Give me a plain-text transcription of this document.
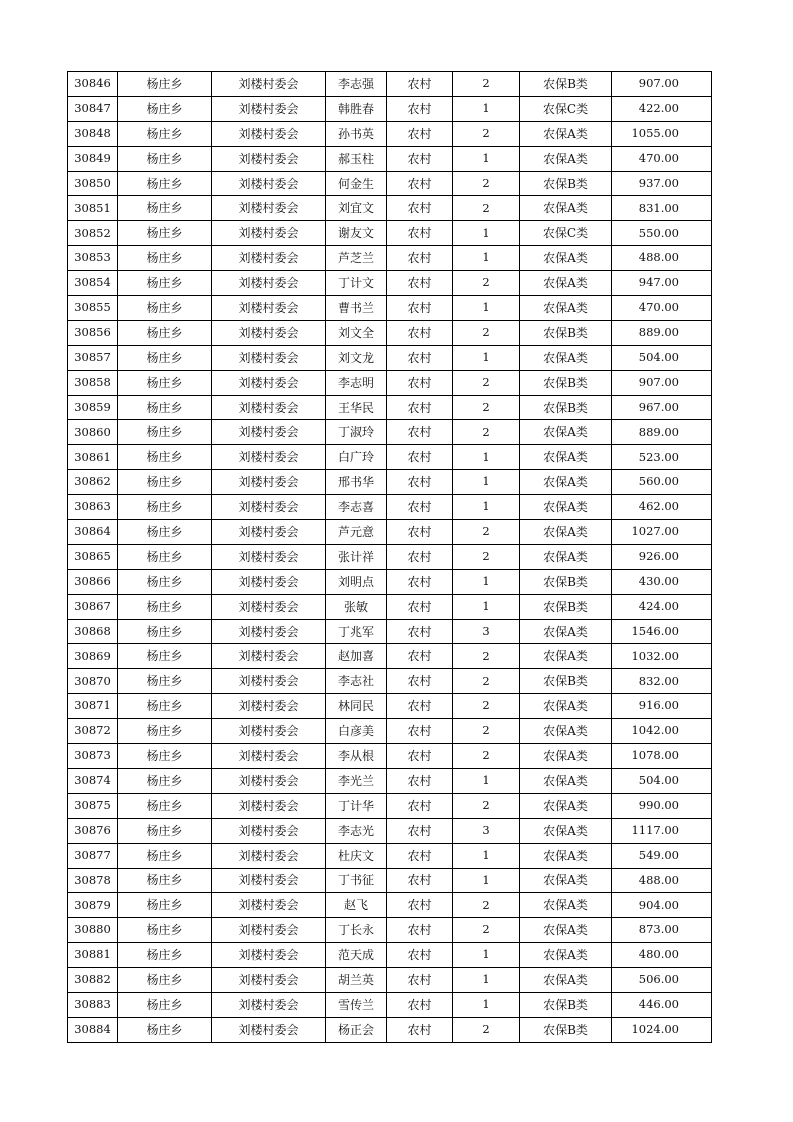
30846	杨庄乡	刘楼村委会	李志强	农村	2	农保B类	907.00
30847	杨庄乡	刘楼村委会	韩胜春	农村	1	农保C类	422.00
30848	杨庄乡	刘楼村委会	孙书英	农村	2	农保A类	1055.00
30849	杨庄乡	刘楼村委会	郝玉柱	农村	1	农保A类	470.00
30850	杨庄乡	刘楼村委会	何金生	农村	2	农保B类	937.00
30851	杨庄乡	刘楼村委会	刘宜文	农村	2	农保A类	831.00
30852	杨庄乡	刘楼村委会	谢友文	农村	1	农保C类	550.00
30853	杨庄乡	刘楼村委会	芦芝兰	农村	1	农保A类	488.00
30854	杨庄乡	刘楼村委会	丁计文	农村	2	农保A类	947.00
30855	杨庄乡	刘楼村委会	曹书兰	农村	1	农保A类	470.00
30856	杨庄乡	刘楼村委会	刘文全	农村	2	农保B类	889.00
30857	杨庄乡	刘楼村委会	刘文龙	农村	1	农保A类	504.00
30858	杨庄乡	刘楼村委会	李志明	农村	2	农保B类	907.00
30859	杨庄乡	刘楼村委会	王华民	农村	2	农保B类	967.00
30860	杨庄乡	刘楼村委会	丁淑玲	农村	2	农保A类	889.00
30861	杨庄乡	刘楼村委会	白广玲	农村	1	农保A类	523.00
30862	杨庄乡	刘楼村委会	邢书华	农村	1	农保A类	560.00
30863	杨庄乡	刘楼村委会	李志喜	农村	1	农保A类	462.00
30864	杨庄乡	刘楼村委会	芦元意	农村	2	农保A类	1027.00
30865	杨庄乡	刘楼村委会	张计祥	农村	2	农保A类	926.00
30866	杨庄乡	刘楼村委会	刘明点	农村	1	农保B类	430.00
30867	杨庄乡	刘楼村委会	张敏	农村	1	农保B类	424.00
30868	杨庄乡	刘楼村委会	丁兆军	农村	3	农保A类	1546.00
30869	杨庄乡	刘楼村委会	赵加喜	农村	2	农保A类	1032.00
30870	杨庄乡	刘楼村委会	李志社	农村	2	农保B类	832.00
30871	杨庄乡	刘楼村委会	林同民	农村	2	农保A类	916.00
30872	杨庄乡	刘楼村委会	白彦美	农村	2	农保A类	1042.00
30873	杨庄乡	刘楼村委会	李从根	农村	2	农保A类	1078.00
30874	杨庄乡	刘楼村委会	李光兰	农村	1	农保A类	504.00
30875	杨庄乡	刘楼村委会	丁计华	农村	2	农保A类	990.00
30876	杨庄乡	刘楼村委会	李志光	农村	3	农保A类	1117.00
30877	杨庄乡	刘楼村委会	杜庆文	农村	1	农保A类	549.00
30878	杨庄乡	刘楼村委会	丁书征	农村	1	农保A类	488.00
30879	杨庄乡	刘楼村委会	赵飞	农村	2	农保A类	904.00
30880	杨庄乡	刘楼村委会	丁长永	农村	2	农保A类	873.00
30881	杨庄乡	刘楼村委会	范天成	农村	1	农保A类	480.00
30882	杨庄乡	刘楼村委会	胡兰英	农村	1	农保A类	506.00
30883	杨庄乡	刘楼村委会	雪传兰	农村	1	农保B类	446.00
30884	杨庄乡	刘楼村委会	杨正会	农村	2	农保B类	1024.00
